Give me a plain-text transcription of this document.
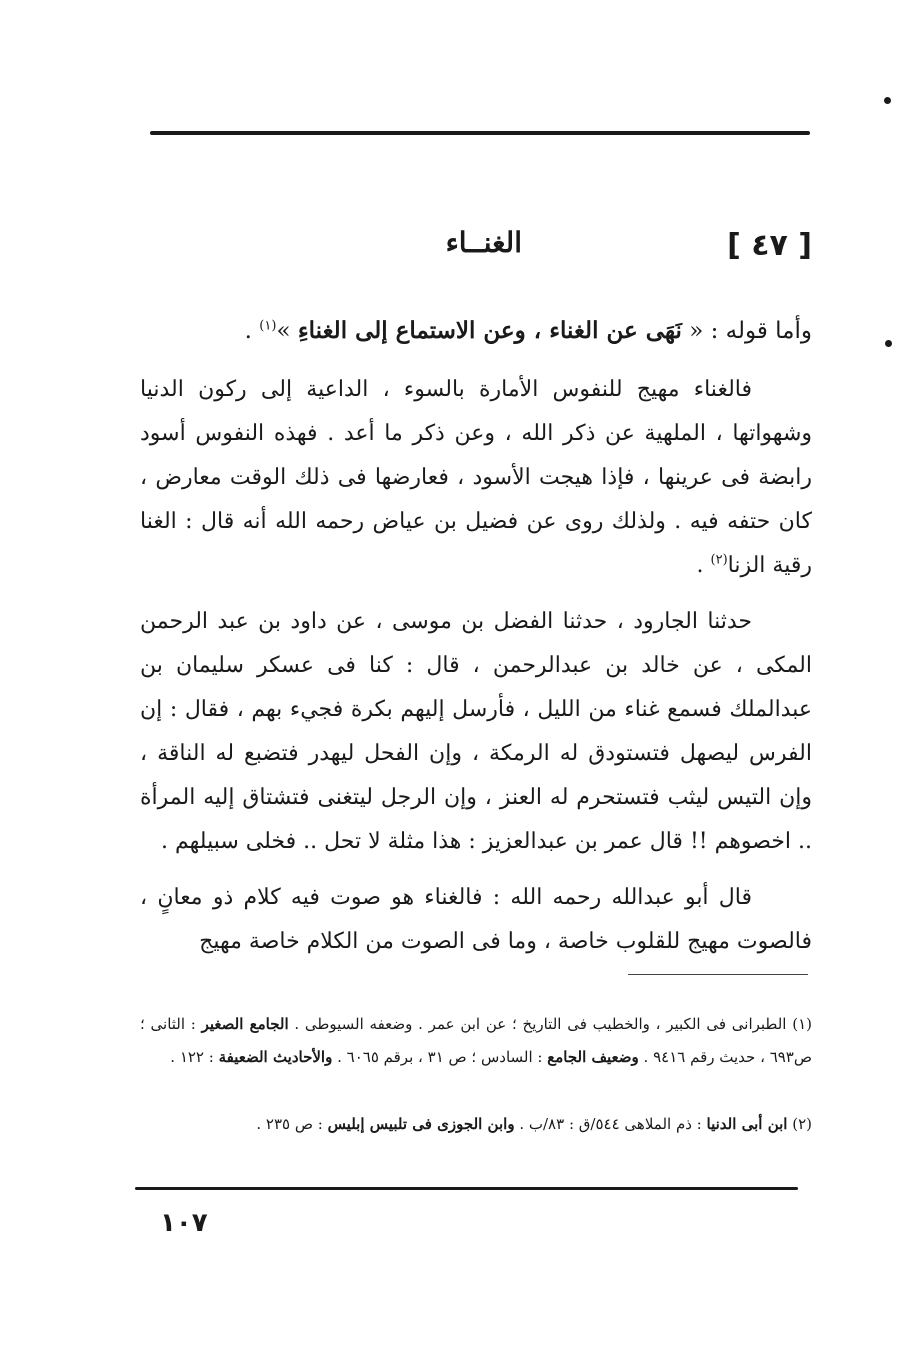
[ ٤٧ ]
الغنــاء

وأما قوله : « نَهَى عن الغناء ، وعن الاستماع إلى الغناءِ »$^{(١)}$ .

فالغناء مهيج للنفوس الأمارة بالسوء ، الداعية إلى ركون الدنيا وشهواتها ، الملهية عن ذكر الله ، وعن ذكر ما أعد . فهذه النفوس أسود رابضة فى عرينها ، فإذا هيجت الأسود ، فعارضها فى ذلك الوقت معارض ، كان حتفه فيه . ولذلك روى عن فضيل بن عياض رحمه الله أنه قال : الغنا رقية الزنا$^{(٢)}$ .

حدثنا الجارود ، حدثنا الفضل بن موسى ، عن داود بن عبد الرحمن المكى ، عن خالد بن عبدالرحمن ، قال : كنا فى عسكر سليمان بن عبدالملك فسمع غناء من الليل ، فأرسل إليهم بكرة فجيء بهم ، فقال : إن الفرس ليصهل فتستودق له الرمكة ، وإن الفحل ليهدر فتضبع له الناقة ، وإن التيس ليثب فتستحرم له العنز ، وإن الرجل ليتغنى فتشتاق إليه المرأة .. اخصوهم !! قال عمر بن عبدالعزيز : هذا مثلة لا تحل .. فخلى سبيلهم .

قال أبو عبدالله رحمه الله : فالغناء هو صوت فيه كلام ذو معانٍ ، فالصوت مهيج للقلوب خاصة ، وما فى الصوت من الكلام خاصة مهيج

(١) الطبرانى فى الكبير ، والخطيب فى التاريخ ؛ عن ابن عمر . وضعفه السيوطى . الجامع الصغير : الثانى ؛ ص٦٩٣ ، حديث رقم ٩٤١٦ . وضعيف الجامع : السادس ؛ ص ٣١ ، برقم ٦٠٦٥ . والأحاديث الضعيفة : ١٢٢ .

(٢) ابن أبى الدنيا : ذم الملاهى ٥٤٤/ق : ٨٣/ب . وابن الجوزى فى تلبيس إبليس : ص ٢٣٥ .

١٠٧
